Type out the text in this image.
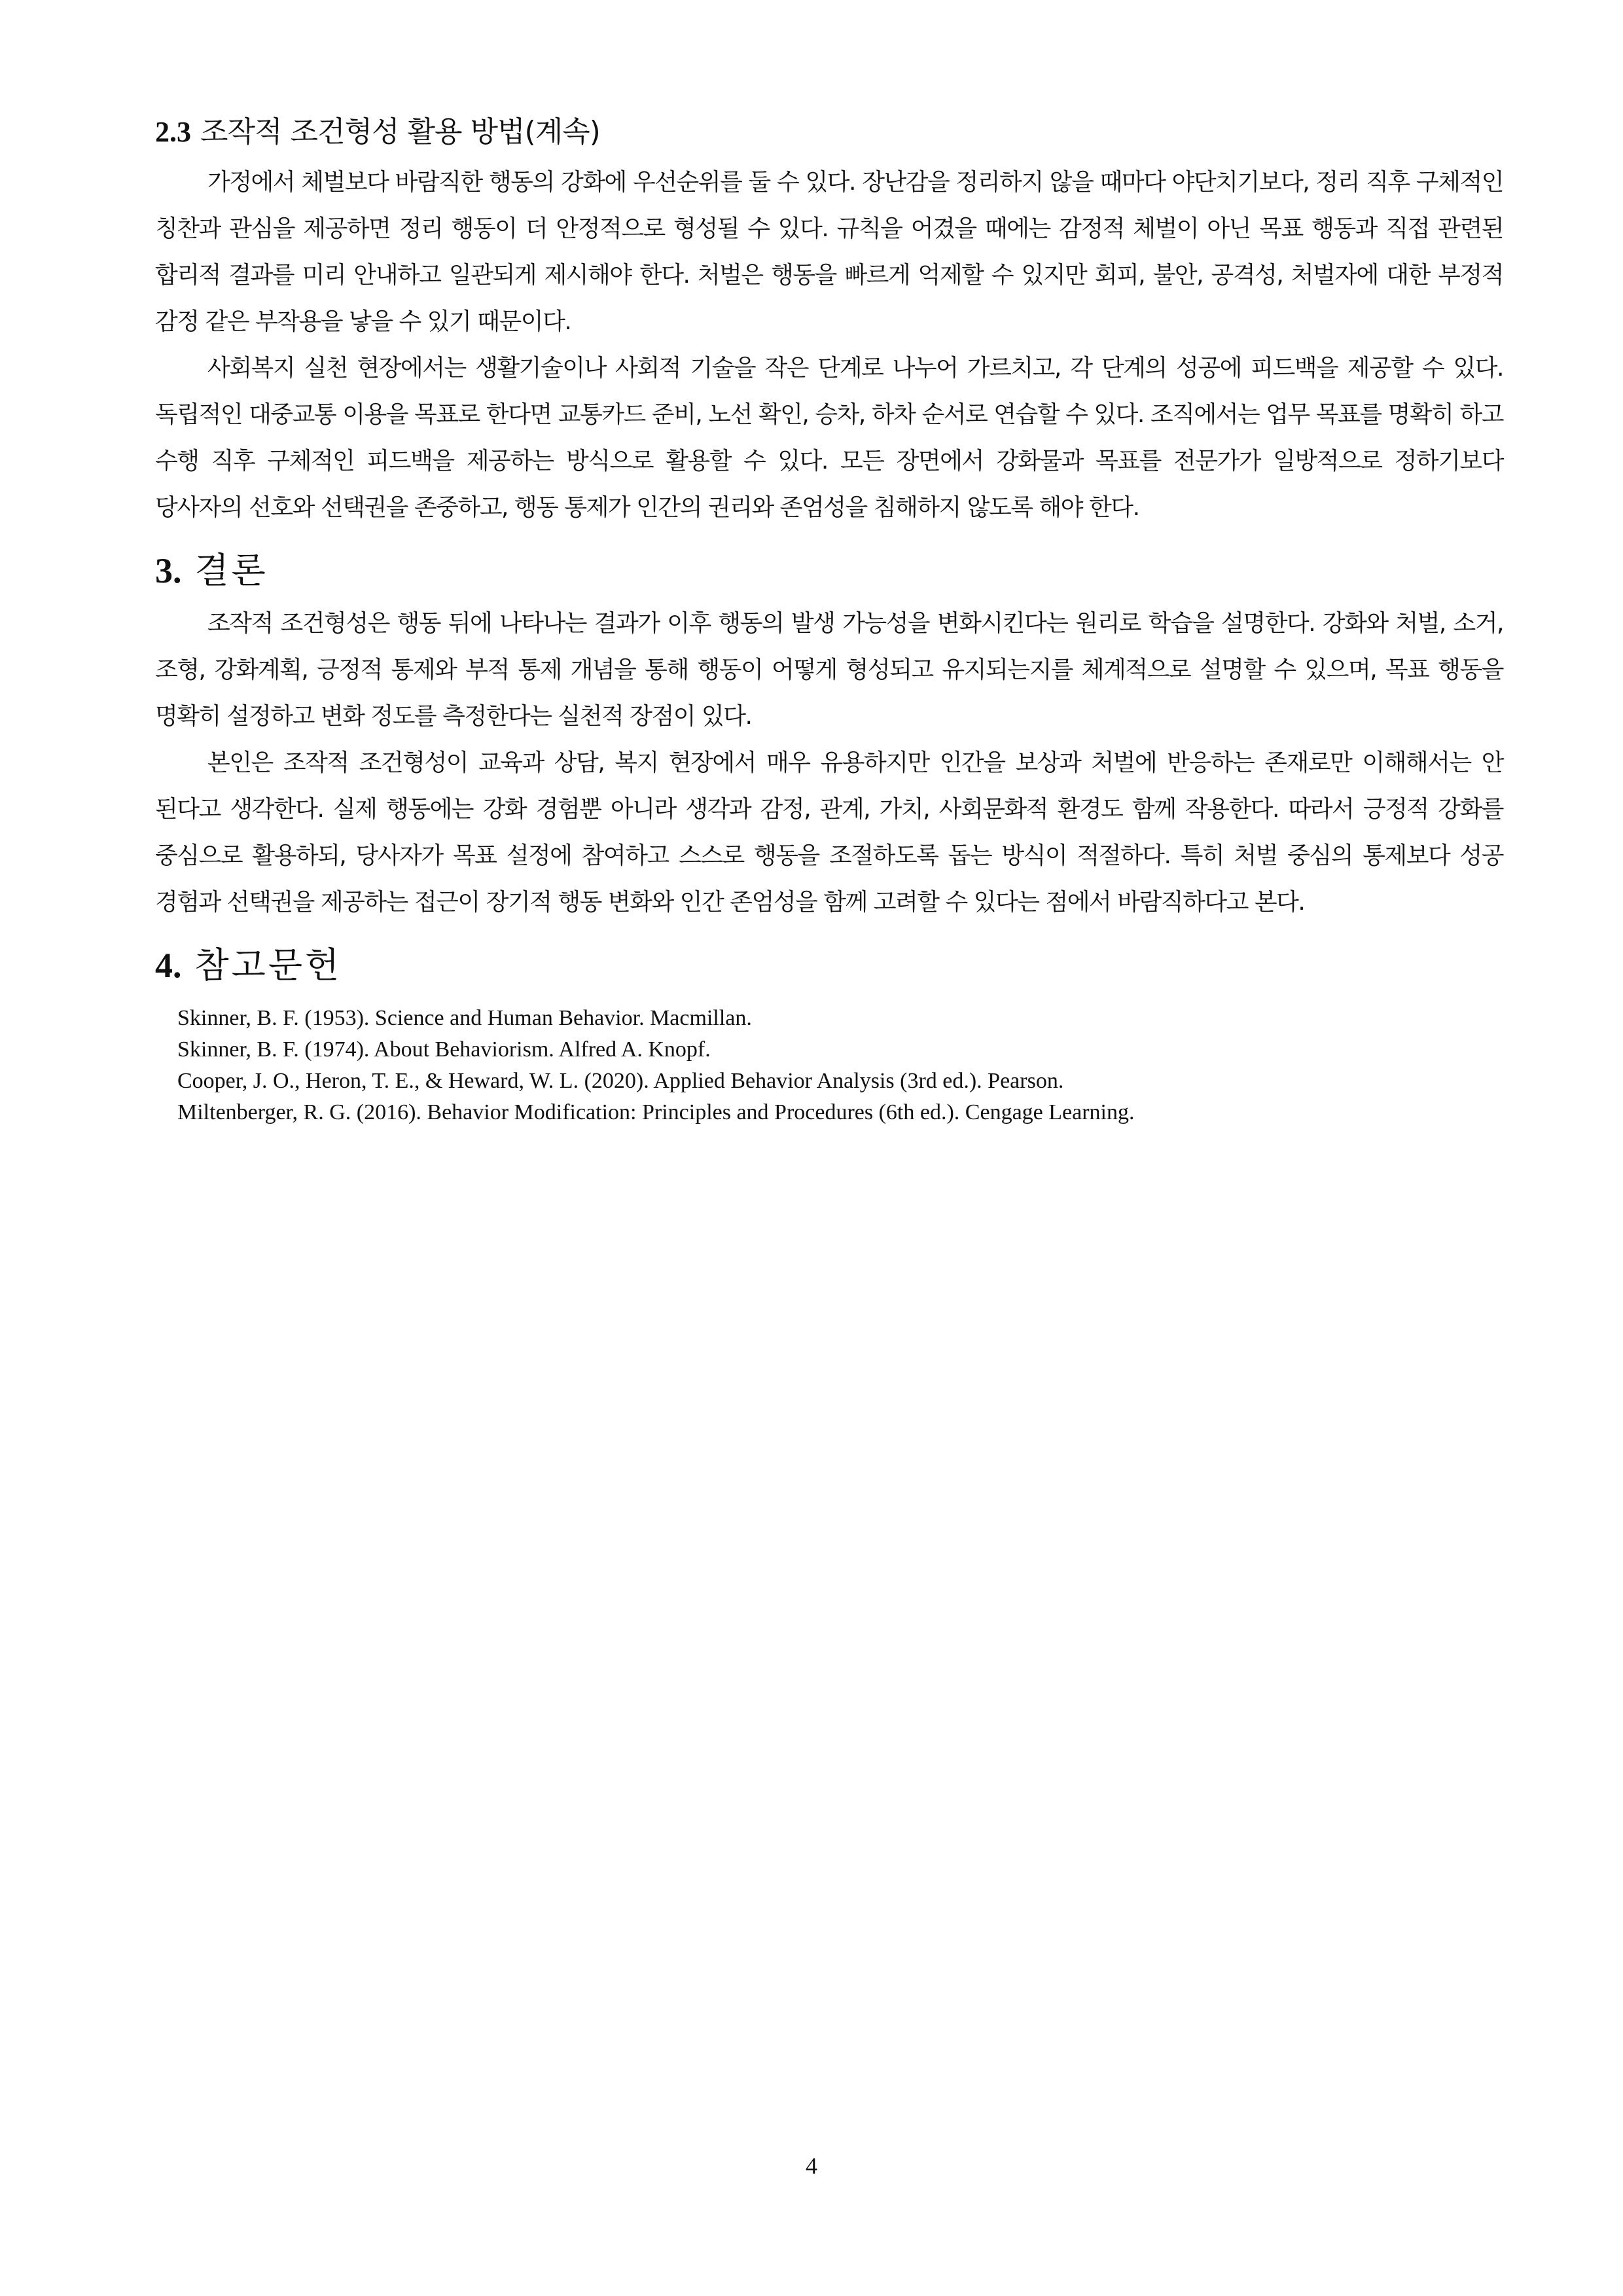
2.3 조작적 조건형성 활용 방법(계속)

가정에서 체벌보다 바람직한 행동의 강화에 우선순위를 둘 수 있다. 장난감을 정리하지 않을 때마다 야단치기보다, 정리 직후 구체적인 칭찬과 관심을 제공하면 정리 행동이 더 안정적으로 형성될 수 있다. 규칙을 어겼을 때에는 감정적 체벌이 아닌 목표 행동과 직접 관련된 합리적 결과를 미리 안내하고 일관되게 제시해야 한다. 처벌은 행동을 빠르게 억제할 수 있지만 회피, 불안, 공격성, 처벌자에 대한 부정적 감정 같은 부작용을 낳을 수 있기 때문이다.

사회복지 실천 현장에서는 생활기술이나 사회적 기술을 작은 단계로 나누어 가르치고, 각 단계의 성공에 피드백을 제공할 수 있다. 독립적인 대중교통 이용을 목표로 한다면 교통카드 준비, 노선 확인, 승차, 하차 순서로 연습할 수 있다. 조직에서는 업무 목표를 명확히 하고 수행 직후 구체적인 피드백을 제공하는 방식으로 활용할 수 있다. 모든 장면에서 강화물과 목표를 전문가가 일방적으로 정하기보다 당사자의 선호와 선택권을 존중하고, 행동 통제가 인간의 권리와 존엄성을 침해하지 않도록 해야 한다.

3. 결론

조작적 조건형성은 행동 뒤에 나타나는 결과가 이후 행동의 발생 가능성을 변화시킨다는 원리로 학습을 설명한다. 강화와 처벌, 소거, 조형, 강화계획, 긍정적 통제와 부적 통제 개념을 통해 행동이 어떻게 형성되고 유지되는지를 체계적으로 설명할 수 있으며, 목표 행동을 명확히 설정하고 변화 정도를 측정한다는 실천적 장점이 있다.

본인은 조작적 조건형성이 교육과 상담, 복지 현장에서 매우 유용하지만 인간을 보상과 처벌에 반응하는 존재로만 이해해서는 안 된다고 생각한다. 실제 행동에는 강화 경험뿐 아니라 생각과 감정, 관계, 가치, 사회문화적 환경도 함께 작용한다. 따라서 긍정적 강화를 중심으로 활용하되, 당사자가 목표 설정에 참여하고 스스로 행동을 조절하도록 돕는 방식이 적절하다. 특히 처벌 중심의 통제보다 성공 경험과 선택권을 제공하는 접근이 장기적 행동 변화와 인간 존엄성을 함께 고려할 수 있다는 점에서 바람직하다고 본다.

4. 참고문헌

Skinner, B. F. (1953). Science and Human Behavior. Macmillan.

Skinner, B. F. (1974). About Behaviorism. Alfred A. Knopf.

Cooper, J. O., Heron, T. E., & Heward, W. L. (2020). Applied Behavior Analysis (3rd ed.). Pearson.

Miltenberger, R. G. (2016). Behavior Modification: Principles and Procedures (6th ed.). Cengage Learning.

4
